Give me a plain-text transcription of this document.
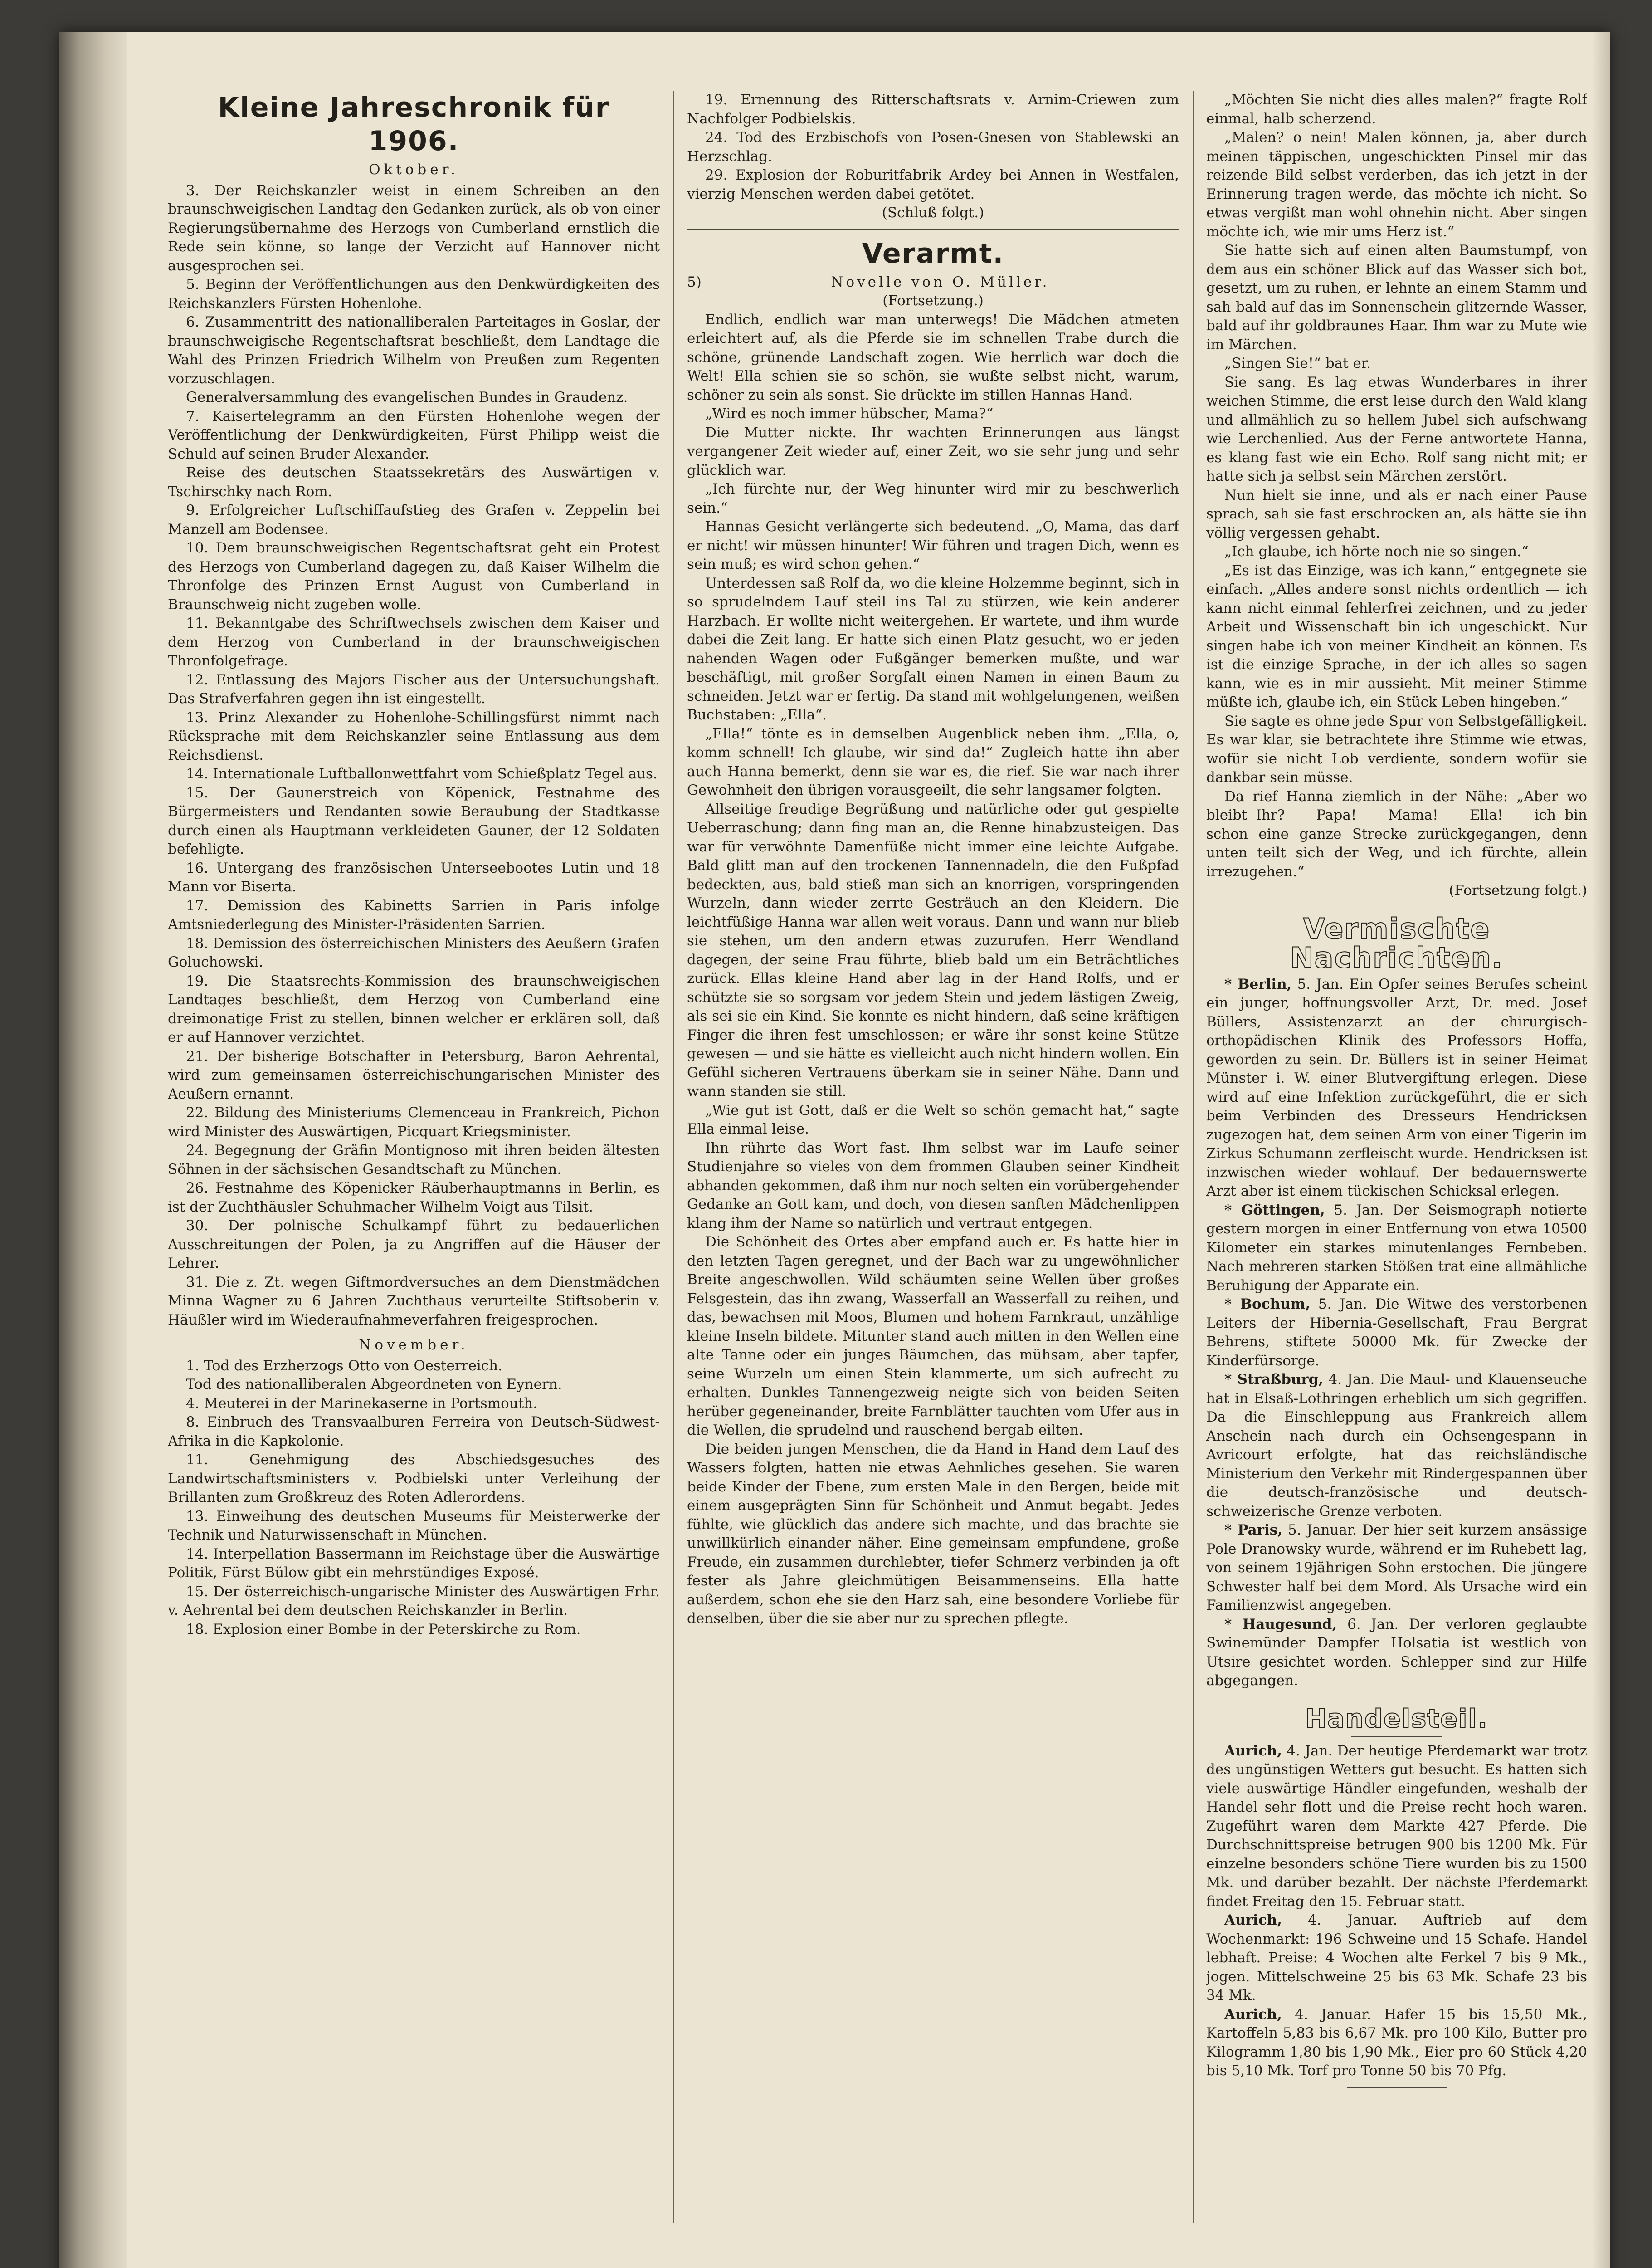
Kleine Jahreschronik für 1906.
Oktober.

3. Der Reichskanzler weist in einem Schreiben an den braunschweigischen Landtag den Gedanken zurück, als ob von einer Regierungsübernahme des Herzogs von Cumberland ernstlich die Rede sein könne, so lange der Verzicht auf Hannover nicht ausgesprochen sei.

5. Beginn der Veröffentlichungen aus den Denkwürdigkeiten des Reichskanzlers Fürsten Hohenlohe.

6. Zusammentritt des nationalliberalen Parteitages in Goslar, der braunschweigische Regentschaftsrat beschließt, dem Landtage die Wahl des Prinzen Friedrich Wilhelm von Preußen zum Regenten vorzuschlagen.

Generalversammlung des evangelischen Bundes in Graudenz.

7. Kaisertelegramm an den Fürsten Hohenlohe wegen der Veröffentlichung der Denkwürdigkeiten, Fürst Philipp weist die Schuld auf seinen Bruder Alexander.

Reise des deutschen Staatssekretärs des Auswärtigen v. Tschirschky nach Rom.

9. Erfolgreicher Luftschiffaufstieg des Grafen v. Zeppelin bei Manzell am Bodensee.

10. Dem braunschweigischen Regentschaftsrat geht ein Protest des Herzogs von Cumberland dagegen zu, daß Kaiser Wilhelm die Thronfolge des Prinzen Ernst August von Cumberland in Braunschweig nicht zugeben wolle.

11. Bekanntgabe des Schriftwechsels zwischen dem Kaiser und dem Herzog von Cumberland in der braunschweigischen Thronfolgefrage.

12. Entlassung des Majors Fischer aus der Untersuchungshaft. Das Strafverfahren gegen ihn ist eingestellt.

13. Prinz Alexander zu Hohenlohe-Schillingsfürst nimmt nach Rücksprache mit dem Reichskanzler seine Entlassung aus dem Reichsdienst.

14. Internationale Luftballonwettfahrt vom Schießplatz Tegel aus.

15. Der Gaunerstreich von Köpenick, Festnahme des Bürgermeisters und Rendanten sowie Beraubung der Stadtkasse durch einen als Hauptmann verkleideten Gauner, der 12 Soldaten befehligte.

16. Untergang des französischen Unterseebootes Lutin und 18 Mann vor Biserta.

17. Demission des Kabinetts Sarrien in Paris infolge Amtsniederlegung des Minister-Präsidenten Sarrien.

18. Demission des österreichischen Ministers des Aeußern Grafen Goluchowski.

19. Die Staatsrechts-Kommission des braunschweigischen Landtages beschließt, dem Herzog von Cumberland eine dreimonatige Frist zu stellen, binnen welcher er erklären soll, daß er auf Hannover verzichtet.

21. Der bisherige Botschafter in Petersburg, Baron Aehrental, wird zum gemeinsamen österreichischungarischen Minister des Aeußern ernannt.

22. Bildung des Ministeriums Clemenceau in Frankreich, Pichon wird Minister des Auswärtigen, Picquart Kriegsminister.

24. Begegnung der Gräfin Montignoso mit ihren beiden ältesten Söhnen in der sächsischen Gesandtschaft zu München.

26. Festnahme des Köpenicker Räuberhauptmanns in Berlin, es ist der Zuchthäusler Schuhmacher Wilhelm Voigt aus Tilsit.

30. Der polnische Schulkampf führt zu bedauerlichen Ausschreitungen der Polen, ja zu Angriffen auf die Häuser der Lehrer.

31. Die z. Zt. wegen Giftmordversuches an dem Dienstmädchen Minna Wagner zu 6 Jahren Zuchthaus verurteilte Stiftsoberin v. Häußler wird im Wiederaufnahmeverfahren freigesprochen.

November.

1. Tod des Erzherzogs Otto von Oesterreich.

Tod des nationalliberalen Abgeordneten von Eynern.

4. Meuterei in der Marinekaserne in Portsmouth.

8. Einbruch des Transvaalburen Ferreira von Deutsch-Südwest-Afrika in die Kapkolonie.

11. Genehmigung des Abschiedsgesuches des Landwirtschaftsministers v. Podbielski unter Verleihung der Brillanten zum Großkreuz des Roten Adlerordens.

13. Einweihung des deutschen Museums für Meisterwerke der Technik und Naturwissenschaft in München.

14. Interpellation Bassermann im Reichstage über die Auswärtige Politik, Fürst Bülow gibt ein mehrstündiges Exposé.

15. Der österreichisch-ungarische Minister des Auswärtigen Frhr. v. Aehrental bei dem deutschen Reichskanzler in Berlin.

18. Explosion einer Bombe in der Peterskirche zu Rom.

19. Ernennung des Ritterschaftsrats v. Arnim-Criewen zum Nachfolger Podbielskis.

24. Tod des Erzbischofs von Posen-Gnesen von Stablewski an Herzschlag.

29. Explosion der Roburitfabrik Ardey bei Annen in Westfalen, vierzig Menschen werden dabei getötet.

(Schluß folgt.)
Verarmt.
5)	Novelle von O. Müller.
(Fortsetzung.)

Endlich, endlich war man unterwegs! Die Mädchen atmeten erleichtert auf, als die Pferde sie im schnellen Trabe durch die schöne, grünende Landschaft zogen. Wie herrlich war doch die Welt! Ella schien sie so schön, sie wußte selbst nicht, warum, schöner zu sein als sonst. Sie drückte im stillen Hannas Hand.

„Wird es noch immer hübscher, Mama?“

Die Mutter nickte. Ihr wachten Erinnerungen aus längst vergangener Zeit wieder auf, einer Zeit, wo sie sehr jung und sehr glücklich war.

„Ich fürchte nur, der Weg hinunter wird mir zu beschwerlich sein.“

Hannas Gesicht verlängerte sich bedeutend. „O, Mama, das darf er nicht! wir müssen hinunter! Wir führen und tragen Dich, wenn es sein muß; es wird schon gehen.“

Unterdessen saß Rolf da, wo die kleine Holzemme beginnt, sich in so sprudelndem Lauf steil ins Tal zu stürzen, wie kein anderer Harzbach. Er wollte nicht weitergehen. Er wartete, und ihm wurde dabei die Zeit lang. Er hatte sich einen Platz gesucht, wo er jeden nahenden Wagen oder Fußgänger bemerken mußte, und war beschäftigt, mit großer Sorgfalt einen Namen in einen Baum zu schneiden. Jetzt war er fertig. Da stand mit wohlgelungenen, weißen Buchstaben: „Ella“.

„Ella!“ tönte es in demselben Augenblick neben ihm. „Ella, o, komm schnell! Ich glaube, wir sind da!“ Zugleich hatte ihn aber auch Hanna bemerkt, denn sie war es, die rief. Sie war nach ihrer Gewohnheit den übrigen vorausgeeilt, die sehr langsamer folgten.

Allseitige freudige Begrüßung und natürliche oder gut gespielte Ueberraschung; dann fing man an, die Renne hinabzusteigen. Das war für verwöhnte Damenfüße nicht immer eine leichte Aufgabe. Bald glitt man auf den trockenen Tannennadeln, die den Fußpfad bedeckten, aus, bald stieß man sich an knorrigen, vorspringenden Wurzeln, dann wieder zerrte Gesträuch an den Kleidern. Die leichtfüßige Hanna war allen weit voraus. Dann und wann nur blieb sie stehen, um den andern etwas zuzurufen. Herr Wendland dagegen, der seine Frau führte, blieb bald um ein Beträchtliches zurück. Ellas kleine Hand aber lag in der Hand Rolfs, und er schützte sie so sorgsam vor jedem Stein und jedem lästigen Zweig, als sei sie ein Kind. Sie konnte es nicht hindern, daß seine kräftigen Finger die ihren fest umschlossen; er wäre ihr sonst keine Stütze gewesen — und sie hätte es vielleicht auch nicht hindern wollen. Ein Gefühl sicheren Vertrauens überkam sie in seiner Nähe. Dann und wann standen sie still.

„Wie gut ist Gott, daß er die Welt so schön gemacht hat,“ sagte Ella einmal leise.

Ihn rührte das Wort fast. Ihm selbst war im Laufe seiner Studienjahre so vieles von dem frommen Glauben seiner Kindheit abhanden gekommen, daß ihm nur noch selten ein vorübergehender Gedanke an Gott kam, und doch, von diesen sanften Mädchenlippen klang ihm der Name so natürlich und vertraut entgegen.

Die Schönheit des Ortes aber empfand auch er. Es hatte hier in den letzten Tagen geregnet, und der Bach war zu ungewöhnlicher Breite angeschwollen. Wild schäumten seine Wellen über großes Felsgestein, das ihn zwang, Wasserfall an Wasserfall zu reihen, und das, bewachsen mit Moos, Blumen und hohem Farnkraut, unzählige kleine Inseln bildete. Mitunter stand auch mitten in den Wellen eine alte Tanne oder ein junges Bäumchen, das mühsam, aber tapfer, seine Wurzeln um einen Stein klammerte, um sich aufrecht zu erhalten. Dunkles Tannengezweig neigte sich von beiden Seiten herüber gegeneinander, breite Farnblätter tauchten vom Ufer aus in die Wellen, die sprudelnd und rauschend bergab eilten.

Die beiden jungen Menschen, die da Hand in Hand dem Lauf des Wassers folgten, hatten nie etwas Aehnliches gesehen. Sie waren beide Kinder der Ebene, zum ersten Male in den Bergen, beide mit einem ausgeprägten Sinn für Schönheit und Anmut begabt. Jedes fühlte, wie glücklich das andere sich machte, und das brachte sie unwillkürlich einander näher. Eine gemeinsam empfundene, große Freude, ein zusammen durchlebter, tiefer Schmerz verbinden ja oft fester als Jahre gleichmütigen Beisammenseins. Ella hatte außerdem, schon ehe sie den Harz sah, eine besondere Vorliebe für denselben, über die sie aber nur zu sprechen pflegte.

„Möchten Sie nicht dies alles malen?“ fragte Rolf einmal, halb scherzend.

„Malen? o nein! Malen können, ja, aber durch meinen täppischen, ungeschickten Pinsel mir das reizende Bild selbst verderben, das ich jetzt in der Erinnerung tragen werde, das möchte ich nicht. So etwas vergißt man wohl ohnehin nicht. Aber singen möchte ich, wie mir ums Herz ist.“

Sie hatte sich auf einen alten Baumstumpf, von dem aus ein schöner Blick auf das Wasser sich bot, gesetzt, um zu ruhen, er lehnte an einem Stamm und sah bald auf das im Sonnenschein glitzernde Wasser, bald auf ihr goldbraunes Haar. Ihm war zu Mute wie im Märchen.

„Singen Sie!“ bat er.

Sie sang. Es lag etwas Wunderbares in ihrer weichen Stimme, die erst leise durch den Wald klang und allmählich zu so hellem Jubel sich aufschwang wie Lerchenlied. Aus der Ferne antwortete Hanna, es klang fast wie ein Echo. Rolf sang nicht mit; er hatte sich ja selbst sein Märchen zerstört.

Nun hielt sie inne, und als er nach einer Pause sprach, sah sie fast erschrocken an, als hätte sie ihn völlig vergessen gehabt.

„Ich glaube, ich hörte noch nie so singen.“

„Es ist das Einzige, was ich kann,“ entgegnete sie einfach. „Alles andere sonst nichts ordentlich — ich kann nicht einmal fehlerfrei zeichnen, und zu jeder Arbeit und Wissenschaft bin ich ungeschickt. Nur singen habe ich von meiner Kindheit an können. Es ist die einzige Sprache, in der ich alles so sagen kann, wie es in mir aussieht. Mit meiner Stimme müßte ich, glaube ich, ein Stück Leben hingeben.“

Sie sagte es ohne jede Spur von Selbstgefälligkeit. Es war klar, sie betrachtete ihre Stimme wie etwas, wofür sie nicht Lob verdiente, sondern wofür sie dankbar sein müsse.

Da rief Hanna ziemlich in der Nähe: „Aber wo bleibt Ihr? — Papa! — Mama! — Ella! — ich bin schon eine ganze Strecke zurückgegangen, denn unten teilt sich der Weg, und ich fürchte, allein irrezugehen.“

(Fortsetzung folgt.)
Vermischte Nachrichten.

* Berlin, 5. Jan. Ein Opfer seines Berufes scheint ein junger, hoffnungsvoller Arzt, Dr. med. Josef Büllers, Assistenzarzt an der chirurgisch-orthopädischen Klinik des Professors Hoffa, geworden zu sein. Dr. Büllers ist in seiner Heimat Münster i. W. einer Blutvergiftung erlegen. Diese wird auf eine Infektion zurückgeführt, die er sich beim Verbinden des Dresseurs Hendricksen zugezogen hat, dem seinen Arm von einer Tigerin im Zirkus Schumann zerfleischt wurde. Hendricksen ist inzwischen wieder wohlauf. Der bedauernswerte Arzt aber ist einem tückischen Schicksal erlegen.

* Göttingen, 5. Jan. Der Seismograph notierte gestern morgen in einer Entfernung von etwa 10500 Kilometer ein starkes minutenlanges Fernbeben. Nach mehreren starken Stößen trat eine allmähliche Beruhigung der Apparate ein.

* Bochum, 5. Jan. Die Witwe des verstorbenen Leiters der Hibernia-Gesellschaft, Frau Bergrat Behrens, stiftete 50000 Mk. für Zwecke der Kinderfürsorge.

* Straßburg, 4. Jan. Die Maul- und Klauenseuche hat in Elsaß-Lothringen erheblich um sich gegriffen. Da die Einschleppung aus Frankreich allem Anschein nach durch ein Ochsengespann in Avricourt erfolgte, hat das reichsländische Ministerium den Verkehr mit Rindergespannen über die deutsch-französische und deutsch-schweizerische Grenze verboten.

* Paris, 5. Januar. Der hier seit kurzem ansässige Pole Dranowsky wurde, während er im Ruhebett lag, von seinem 19jährigen Sohn erstochen. Die jüngere Schwester half bei dem Mord. Als Ursache wird ein Familienzwist angegeben.

* Haugesund, 6. Jan. Der verloren geglaubte Swinemünder Dampfer Holsatia ist westlich von Utsire gesichtet worden. Schlepper sind zur Hilfe abgegangen.

Handelsteil.

Aurich, 4. Jan. Der heutige Pferdemarkt war trotz des ungünstigen Wetters gut besucht. Es hatten sich viele auswärtige Händler eingefunden, weshalb der Handel sehr flott und die Preise recht hoch waren. Zugeführt waren dem Markte 427 Pferde. Die Durchschnittspreise betrugen 900 bis 1200 Mk. Für einzelne besonders schöne Tiere wurden bis zu 1500 Mk. und darüber bezahlt. Der nächste Pferdemarkt findet Freitag den 15. Februar statt.

Aurich, 4. Januar. Auftrieb auf dem Wochenmarkt: 196 Schweine und 15 Schafe. Handel lebhaft. Preise: 4 Wochen alte Ferkel 7 bis 9 Mk., jogen. Mittelschweine 25 bis 63 Mk. Schafe 23 bis 34 Mk.

Aurich, 4. Januar. Hafer 15 bis 15,50 Mk., Kartoffeln 5,83 bis 6,67 Mk. pro 100 Kilo, Butter pro Kilogramm 1,80 bis 1,90 Mk., Eier pro 60 Stück 4,20 bis 5,10 Mk. Torf pro Tonne 50 bis 70 Pfg.
